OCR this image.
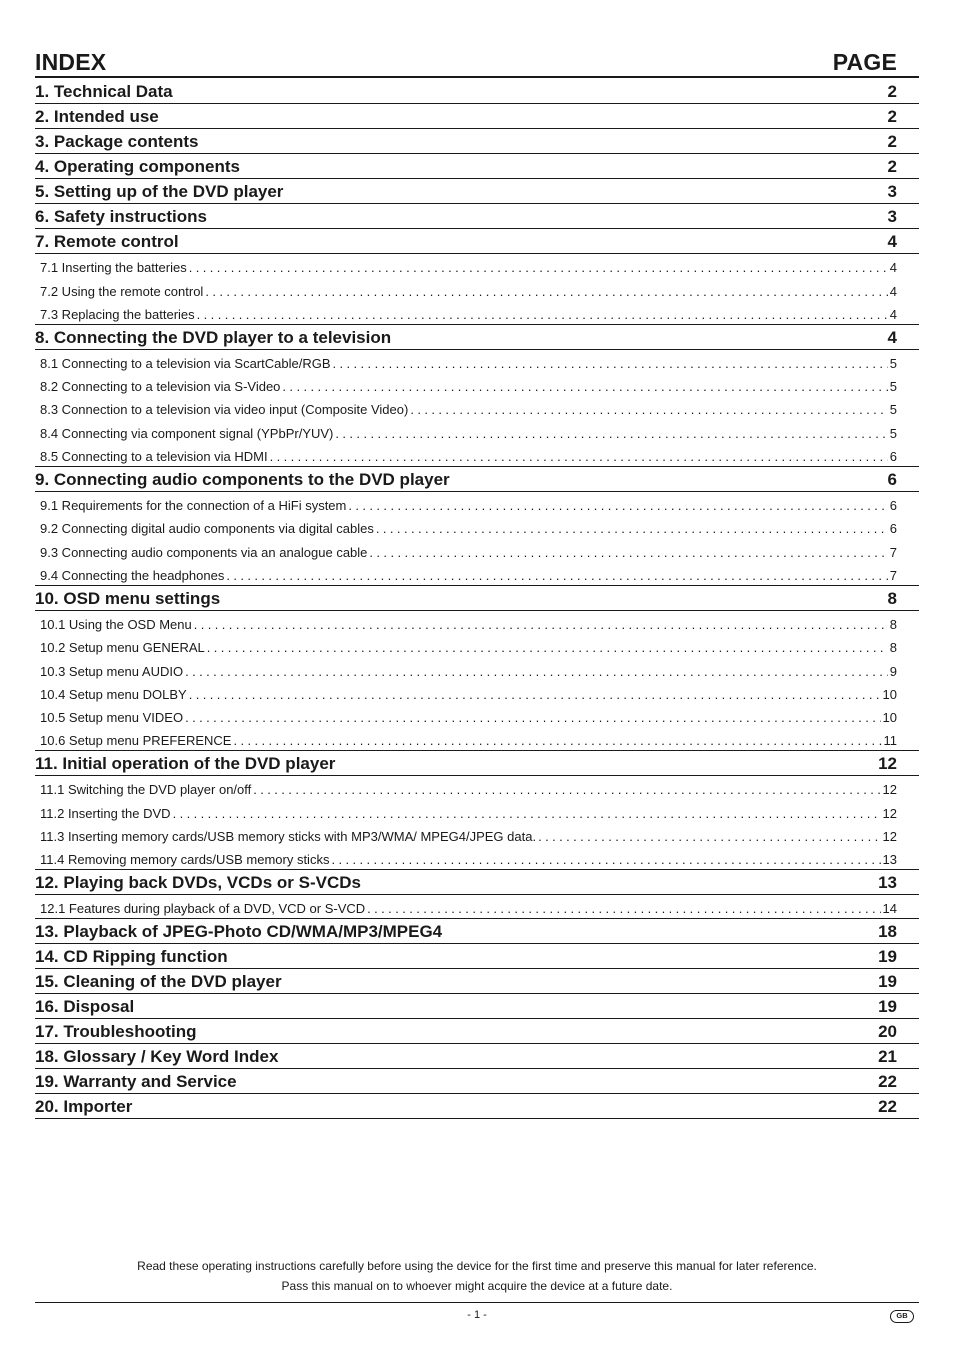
INDEX	PAGE
1. Technical Data	2
2. Intended use	2
3. Package contents	2
4. Operating components	2
5. Setting up of the DVD player	3
6. Safety instructions	3
7. Remote control	4
7.1 Inserting the batteries .....	4
7.2 Using the remote control .....	4
7.3 Replacing the batteries .....	4
8. Connecting the DVD player to a television	4
8.1 Connecting to a television via ScartCable/RGB .....	5
8.2 Connecting to a television via S-Video .....	5
8.3 Connection to a television via video input (Composite Video) .....	5
8.4 Connecting via component signal (YPbPr/YUV) .....	5
8.5 Connecting to a television via HDMI .....	6
9. Connecting audio components to the DVD player	6
9.1 Requirements for the connection of a HiFi system .....	6
9.2 Connecting digital audio components via digital cables .....	6
9.3 Connecting audio components via an analogue cable .....	7
9.4 Connecting the headphones .....	7
10. OSD menu settings	8
10.1 Using the OSD Menu .....	8
10.2 Setup menu GENERAL .....	8
10.3 Setup menu AUDIO .....	9
10.4 Setup menu DOLBY .....	10
10.5 Setup menu VIDEO .....	10
10.6 Setup menu PREFERENCE .....	11
11. Initial operation of the DVD player	12
11.1 Switching the DVD player on/off .....	12
11.2 Inserting the DVD .....	12
11.3 Inserting memory cards/USB memory sticks with MP3/WMA/ MPEG4/JPEG data. .....	12
11.4 Removing memory cards/USB memory sticks .....	13
12. Playing back DVDs, VCDs or S-VCDs	13
12.1 Features during playback of a DVD, VCD or S-VCD .....	14
13. Playback of JPEG-Photo CD/WMA/MP3/MPEG4	18
14. CD Ripping function	19
15. Cleaning of the DVD player	19
16. Disposal	19
17. Troubleshooting	20
18. Glossary / Key Word Index	21
19. Warranty and Service	22
20. Importer	22
Read these operating instructions carefully before using the device for the first time and preserve this manual for later reference.
Pass this manual on to whoever might acquire the device at a future date.
- 1 -	GB
